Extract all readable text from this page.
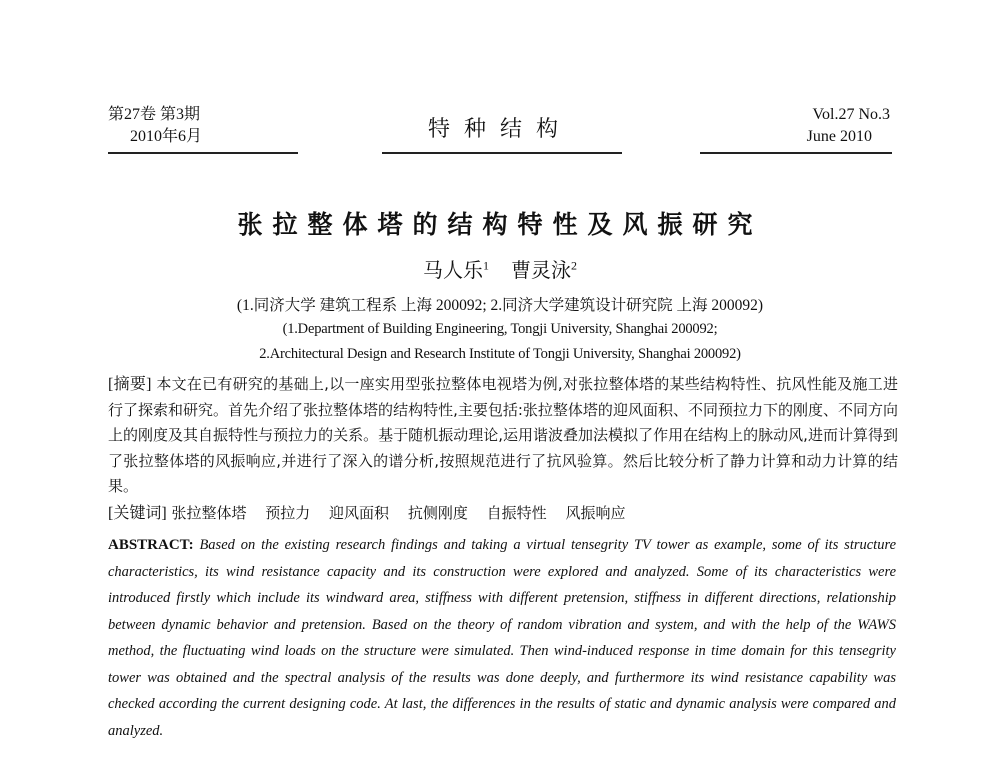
第27卷 第3期
2010年6月	特种结构
Vol.27 No.3
June 2010
张拉整体塔的结构特性及风振研究
马人乐$^1$ 曹灵泳$^2$
(1.同济大学 建筑工程系 上海 200092; 2.同济大学建筑设计研究院 上海 200092)
(1.Department of Building Engineering, Tongji University, Shanghai 200092;
2.Architectural Design and Research Institute of Tongji University, Shanghai 200092)
[摘要] 本文在已有研究的基础上,以一座实用型张拉整体电视塔为例,对张拉整体塔的某些结构特性、抗风性能及施工进行了探索和研究。首先介绍了张拉整体塔的结构特性,主要包括:张拉整体塔的迎风面积、不同预拉力下的刚度、不同方向上的刚度及其自振特性与预拉力的关系。基于随机振动理论,运用谐波叠加法模拟了作用在结构上的脉动风,进而计算得到了张拉整体塔的风振响应,并进行了深入的谱分析,按照规范进行了抗风验算。然后比较分析了静力计算和动力计算的结果。
[关键词] 张拉整体塔 预拉力 迎风面积 抗侧刚度 自振特性 风振响应
ABSTRACT: Based on the existing research findings and taking a virtual tensegrity TV tower as example, some of its structure characteristics, its wind resistance capacity and its construction were explored and analyzed. Some of its characteristics were introduced firstly which include its windward area, stiffness with different pretension, stiffness in different directions, relationship between dynamic behavior and pretension. Based on the theory of random vibration and system, and with the help of the WAWS method, the fluctuating wind loads on the structure were simulated. Then wind-induced response in time domain for this tensegrity tower was obtained and the spectral analysis of the results was done deeply, and furthermore its wind resistance capability was checked according the current designing code. At last, the differences in the results of static and dynamic analysis were compared and analyzed.
